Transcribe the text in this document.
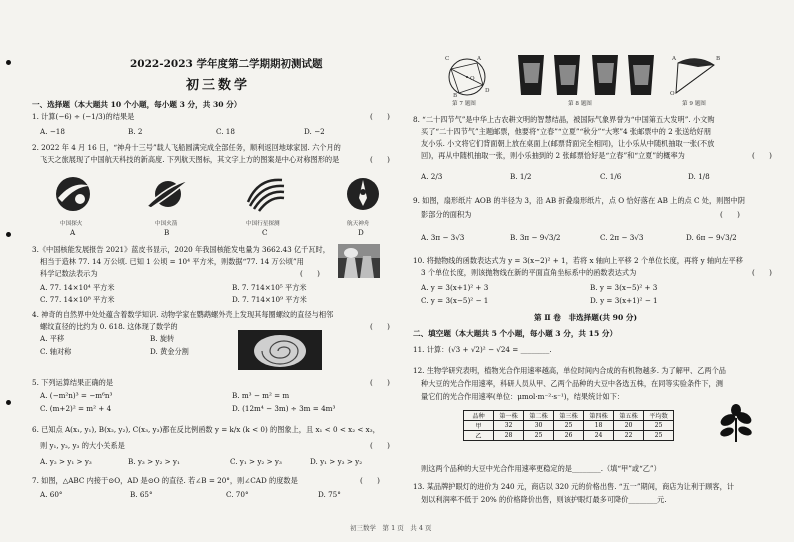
2022-2023 学年度第二学期期初测试题
初三数学
一、选择题（本大题共 10 个小题，每小题 3 分，共 30 分）
1. 计算(−6) ÷ (−1/3)的结果是	(　　)
A. −18	B. 2	C. 18	D. −2
2. 2022 年 4 月 16 日，“神舟十三号”载人飞船圆满完成全部任务，顺利返回地球家园. 六个月的
飞天之旅展现了中国航天科技的新高度. 下列航天图标，其文字上方的图案是中心对称图形的是	(　　)
中国探火	中国火箭	中国行星探测	航天神舟
A	B	C	D
3.《中国核能发展报告 2021》蓝皮书显示，2020 年我国核能发电量为 3662.43 亿千瓦时，
相当于造林 77. 14 万公顷. 已知 1 公顷 = 10⁴ 平方米，则数据“77. 14 万公顷”用
科学记数法表示为	(　　)
A. 77. 14×10⁴ 平方米	B. 7. 714×10⁵ 平方米
C. 77. 14×10⁸ 平方米	D. 7. 714×10⁹ 平方米
4. 神奇的自然界中处处蕴含着数学知识. 动物学家在鹦鹉螺外壳上发现其每圈螺纹的直径与相邻
螺纹直径的比约为 0. 618. 这体现了数学的	(　　)
A. 平移	B. 旋转
C. 轴对称	D. 黄金分割
5. 下列运算结果正确的是	(　　)
A. (−m²n)³ = −m⁶n³	B. m³ − m² = m
C. (m+2)² = m² + 4	D. (12m⁴ − 3m) ÷ 3m = 4m³
6. 已知点 A(x₁, y₁), B(x₂, y₂), C(x₃, y₃)都在反比例函数 y = k/x (k < 0) 的图象上，且 x₁ < 0 < x₂ < x₃，
则 y₁, y₂, y₃ 的大小关系是	(　　)
A. y₂ > y₁ > y₃	B. y₃ > y₂ > y₁	C. y₁ > y₂ > y₃	D. y₁ > y₃ > y₂
7. 如图，△ABC 内接于⊙O，AD 是⊙O 的直径. 若∠B = 20°，则∠CAD 的度数是	(　　)
A. 60°	B. 65°	C. 70°	D. 75°
C	A
O
B
D
第 7 题图	第 8 题图
A	B
O
第 9 题图
8. “二十四节气”是中华上古农耕文明的智慧结晶，被国际气象界誉为“中国第五大发明”. 小文购
买了“二十四节气”主题邮票，他要将“立春”“立夏”“秋分”“大寒”4 张邮票中的 2 张送给好朋
友小乐. 小文将它们背面朝上放在桌面上(邮票背面完全相同)，让小乐从中随机抽取一张(不放
回)，再从中随机抽取一张，则小乐抽到的 2 张邮票恰好是“立春”和“立夏”的概率为	(　　)
A. 2/3	B. 1/2	C. 1/6	D. 1/8
9. 如图，扇形纸片 AOB 的半径为 3，沿 AB 折叠扇形纸片，点 O 恰好落在 AB 上的点 C 处，则图中阴
影部分的面积为	(　　)
A. 3π − 3√3	B. 3π − 9√3/2	C. 2π − 3√3	D. 6π − 9√3/2
10. 将抛物线的函数表达式为 y = 3(x−2)² + 1，若将 x 轴向上平移 2 个单位长度，再将 y 轴向左平移
3 个单位长度，则该抛物线在新的平面直角坐标系中的函数表达式为	(　　)
A. y = 3(x+1)² + 3	B. y = 3(x−5)² + 3
C. y = 3(x−5)² − 1	D. y = 3(x+1)² − 1
第 Ⅱ 卷　非选择题(共 90 分)
二、填空题（本大题共 5 个小题，每小题 3 分，共 15 分）
11. 计算：(√3 + √2)² − √24 = ________.
12. 生物学研究表明，植物光合作用速率越高，单位时间内合成的有机物越多. 为了解甲、乙两个品
种大豆的光合作用速率，科研人员从甲、乙两个品种的大豆中各选五株，在同等实验条件下，测
量它们的光合作用速率(单位：μmol·m⁻²·s⁻¹)，结果统计如下：
品种	第一株	第二株	第三株	第四株	第五株	平均数
甲	32	30	25	18	20	25
乙	28	25	26	24	22	25
则这两个品种的大豆中光合作用速率更稳定的是________.（填“甲”或“乙”）
13. 某品牌护眼灯的进价为 240 元，商店以 320 元的价格出售. “五一”期间，商店为让利于顾客，计
划以利润率不低于 20% 的价格降价出售，则该护眼灯最多可降价________元.
初三数学　第 1 页　共 4 页
